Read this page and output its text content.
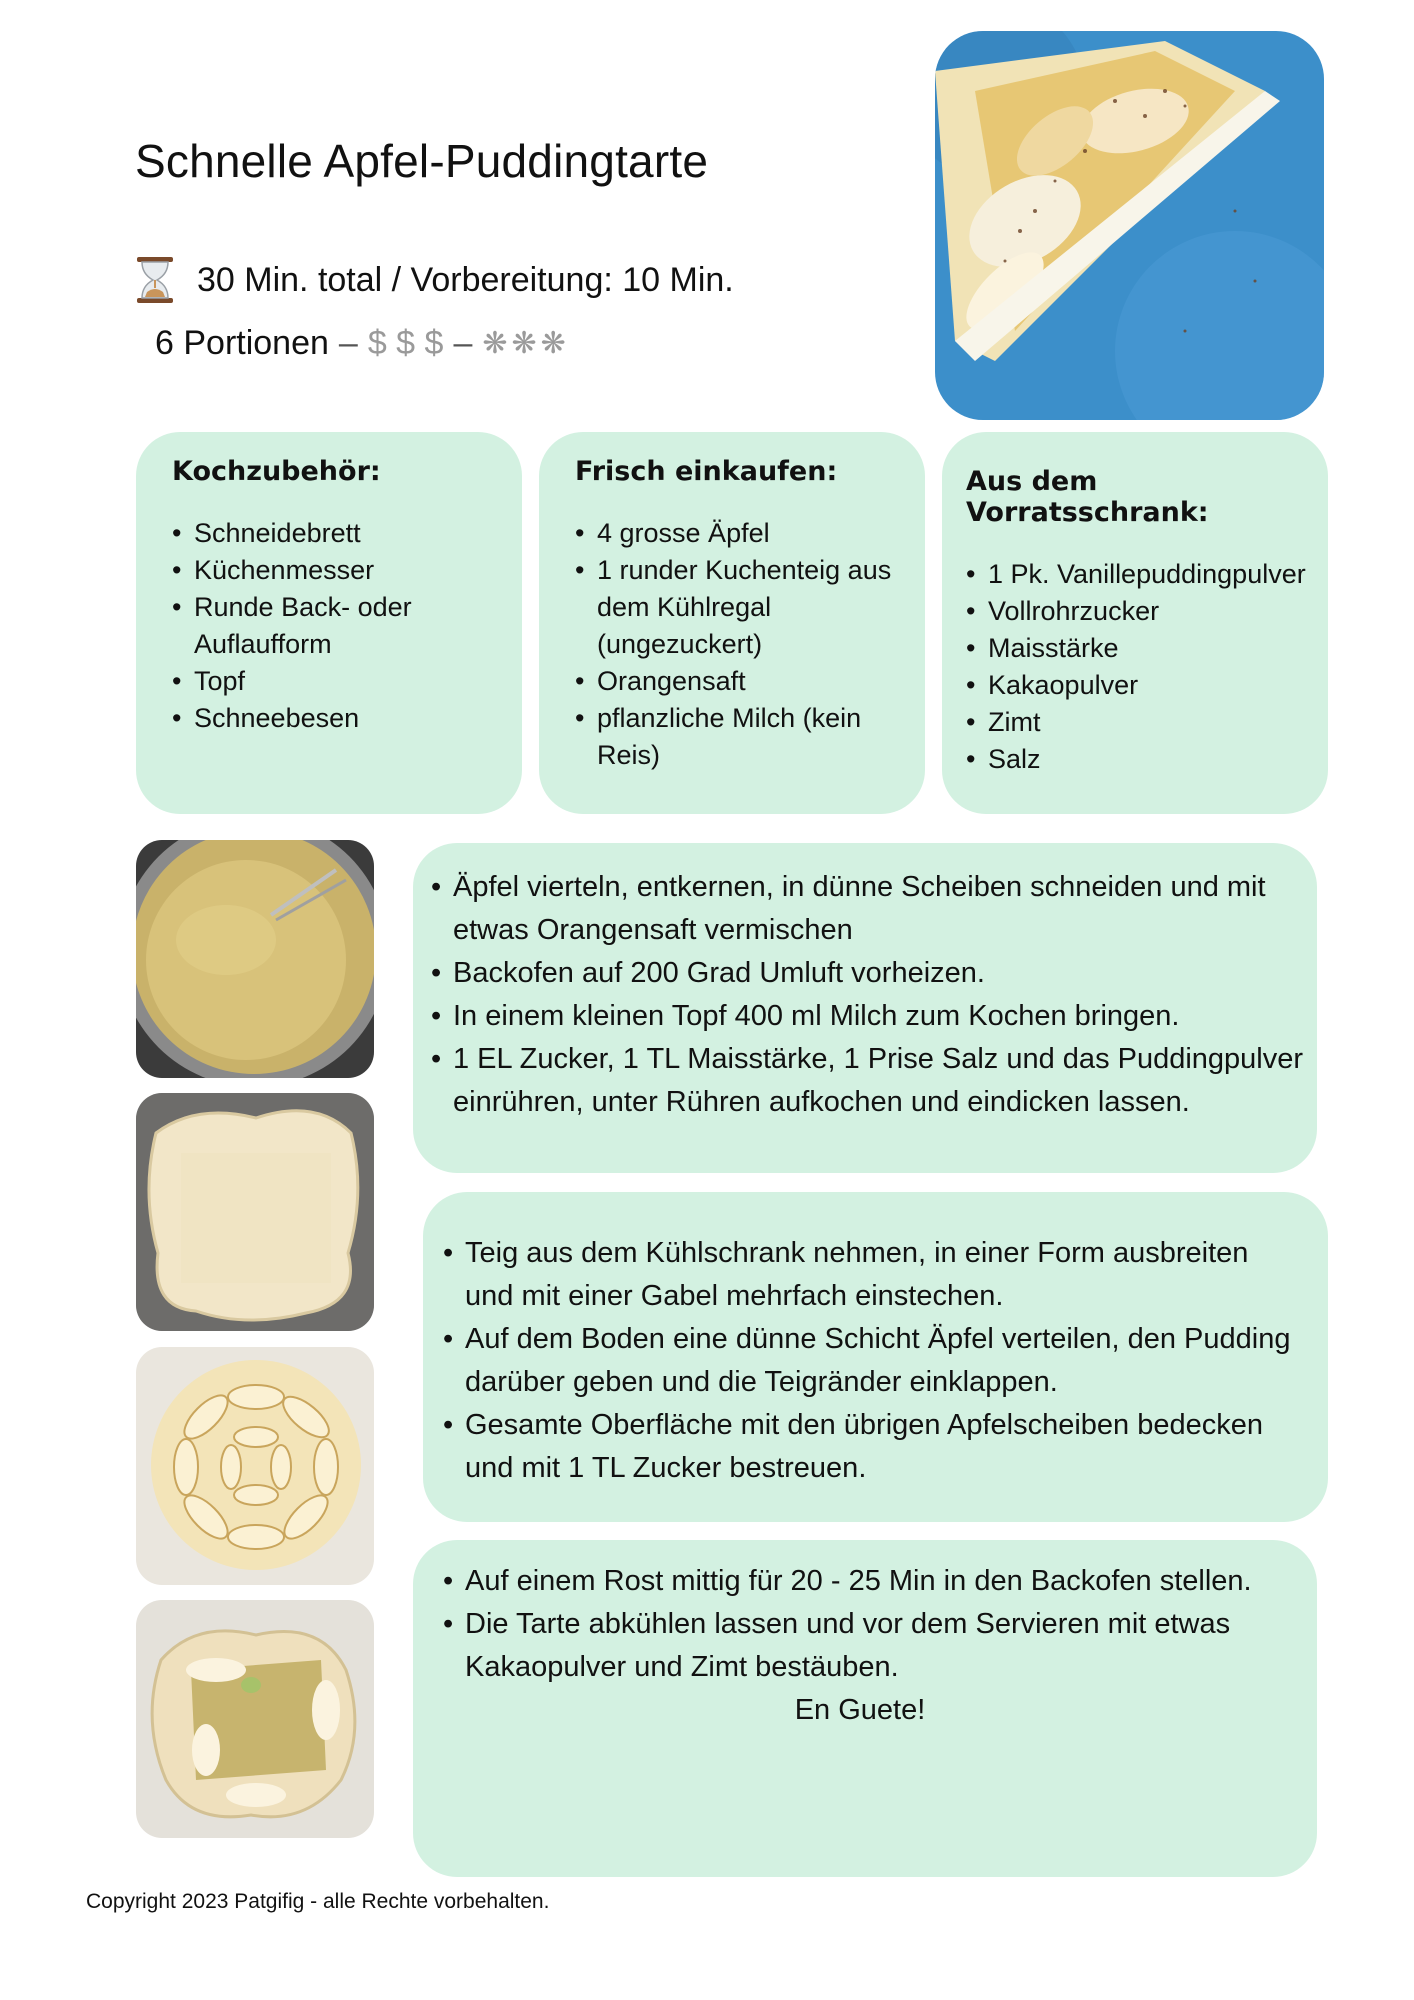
Schnelle Apfel-Puddingtarte
30 Min. total / Vorbereitung: 10 Min.
6 Portionen – $ $ $ – ❋❋❋
Kochzubehör:
• Schneidebrett
• Küchenmesser
• Runde Back- oder
Auflaufform
• Topf
• Schneebesen
Frisch einkaufen:
• 4 grosse Äpfel
• 1 runder Kuchenteig aus
dem Kühlregal
(ungezuckert)
• Orangensaft
• pflanzliche Milch (kein Reis)
Aus dem Vorratsschrank:
• 1 Pk. Vanillepuddingpulver
• Vollrohrzucker
• Maisstärke
• Kakaopulver
• Zimt
• Salz
• Äpfel vierteln, entkernen, in dünne Scheiben schneiden und mit
etwas Orangensaft vermischen
• Backofen auf 200 Grad Umluft vorheizen.
• In einem kleinen Topf 400 ml Milch zum Kochen bringen.
• 1 EL Zucker, 1 TL Maisstärke, 1 Prise Salz und das Puddingpulver
einrühren, unter Rühren aufkochen und eindicken lassen.
• Teig aus dem Kühlschrank nehmen, in einer Form ausbreiten
und mit einer Gabel mehrfach einstechen.
• Auf dem Boden eine dünne Schicht Äpfel verteilen, den Pudding
darüber geben und die Teigränder einklappen.
• Gesamte Oberfläche mit den übrigen Apfelscheiben bedecken
und mit 1 TL Zucker bestreuen.
• Auf einem Rost mittig für 20 - 25 Min in den Backofen stellen.
• Die Tarte abkühlen lassen und vor dem Servieren mit etwas
Kakaopulver und Zimt bestäuben.
En Guete!
Copyright 2023 Patgifig - alle Rechte vorbehalten.
